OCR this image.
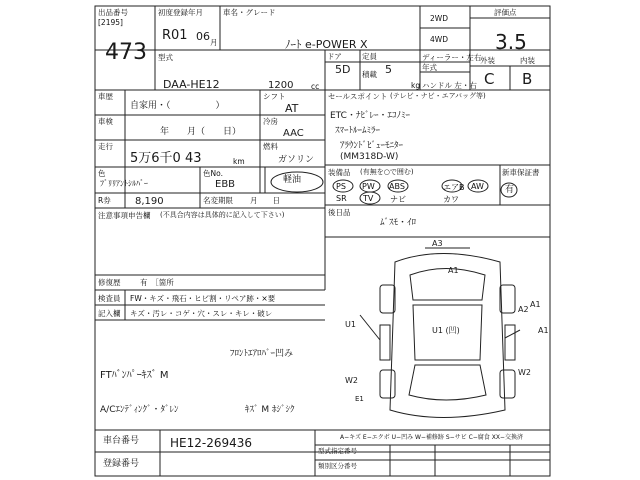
出品番号
[2195]
473
初度登録年月
R01 06 月
車名・グレード
ﾉｰﾄ e-POWER X
2WD
4WD
評価点
3.5
型式
DAA-HE12	1200 cc
ドア
5D
定員
5
積載
ディーラー・左右
年式
ハンドル 左・右
kg
外装	内装
C B
車歴
自家用・（　　　　　）
シフト
AT
車検
年　　月（　　日）
冷房
AAC
走行
5万6千0 43	km
燃料
ガソリン
軽油
色
ﾌﾞﾘﾘｱﾝﾄｼﾙﾊﾞｰ
色No.
EBB
R券 8,190	名変期限 月　　日
注意事項申告欄 (不具合内容は具体的に記入して下さい)
修復歴	有　［箇所
セールスポイント (テレビ・ナビ・エアバッグ等)
ETC・ﾅﾋﾞﾚｰ・ｴｺﾉﾐｰ
ｽﾏｰﾄﾙｰﾑﾐﾗｰ
ｱﾗｳﾝﾄﾞﾋﾞｭｰﾓﾆﾀｰ
(MM318D-W)
装備品 (有無を○で囲む)	新車保証書
有
PS PW ABS	エアB AW
SR TV ナビ	カワ
後日品
ﾑﾞｽﾓ・ｲﾛ
A3
A1
A2
A1
U1
U1 (凹)
W2
W2
E1
A1
検査員 FW・キズ・飛石・ヒビ割・リペア跡・×要
記入欄 キズ・汚レ・コゲ・穴・スレ・キレ・破レ
ﾌﾛﾝﾄｴｱﾛﾊﾞｰ凹み
FTﾊﾞﾝﾊﾟｰｷｽﾞ M
A/Cｴﾝﾃﾞｨﾝｸﾞ・ﾀﾞﾚﾝ	ｷｽﾞ M ﾎｼﾞｼｸ
車台番号	HE12-269436
登録番号
A−キズ E−エクボ U−凹み W−補修跡 S−サビ C−腐食 XX−交換済
型式指定番号
類別区分番号
